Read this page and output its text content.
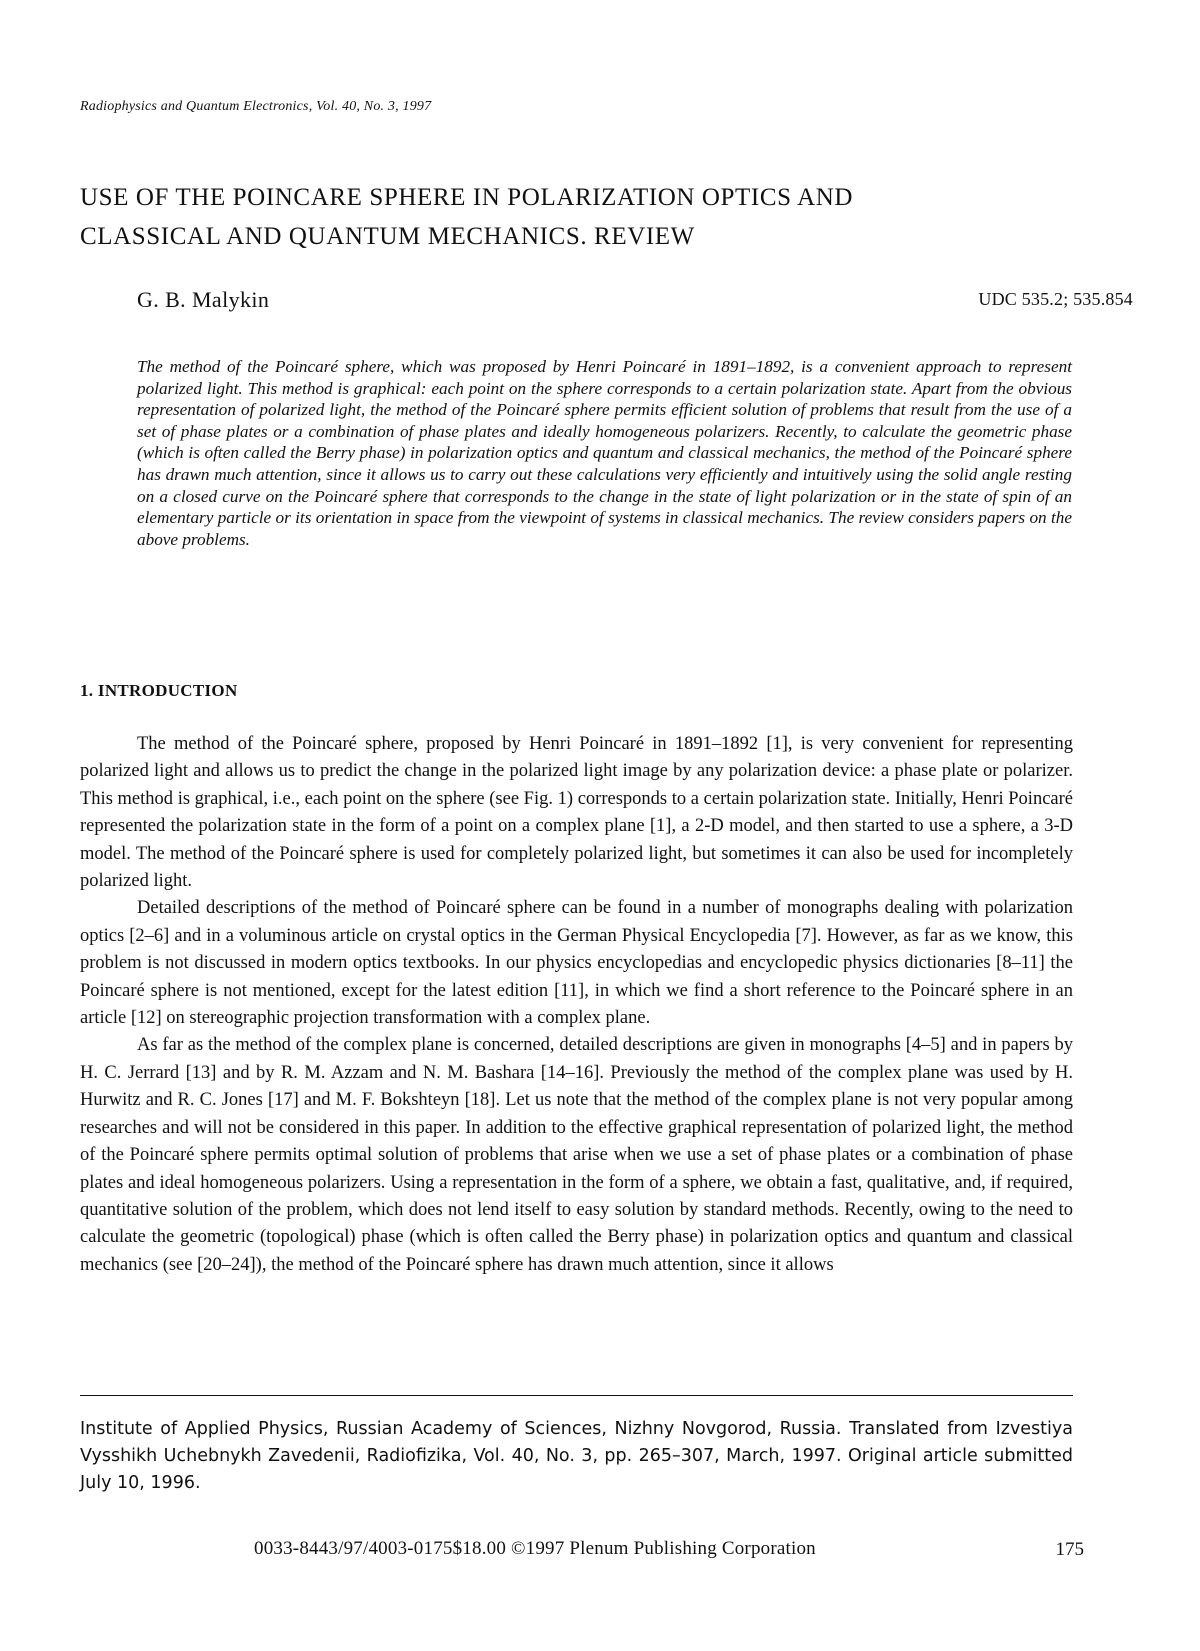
Radiophysics and Quantum Electronics, Vol. 40, No. 3, 1997
USE OF THE POINCARE SPHERE IN POLARIZATION OPTICS AND
CLASSICAL AND QUANTUM MECHANICS. REVIEW
G. B. Malykin	UDC 535.2; 535.854

The method of the Poincaré sphere, which was proposed by Henri Poincaré in 1891–1892, is a convenient approach to represent polarized light. This method is graphical: each point on the sphere corresponds to a certain polarization state. Apart from the obvious representation of polarized light, the method of the Poincaré sphere permits efficient solution of problems that result from the use of a set of phase plates or a combination of phase plates and ideally homogeneous polarizers. Recently, to calculate the geometric phase (which is often called the Berry phase) in polarization optics and quantum and classical mechanics, the method of the Poincaré sphere has drawn much attention, since it allows us to carry out these calculations very efficiently and intuitively using the solid angle resting on a closed curve on the Poincaré sphere that corresponds to the change in the state of light polarization or in the state of spin of an elementary particle or its orientation in space from the viewpoint of systems in classical mechanics. The review considers papers on the above problems.

1. INTRODUCTION

The method of the Poincaré sphere, proposed by Henri Poincaré in 1891–1892 [1], is very convenient for representing polarized light and allows us to predict the change in the polarized light image by any polarization device: a phase plate or polarizer. This method is graphical, i.e., each point on the sphere (see Fig. 1) corresponds to a certain polarization state. Initially, Henri Poincaré represented the polarization state in the form of a point on a complex plane [1], a 2-D model, and then started to use a sphere, a 3-D model. The method of the Poincaré sphere is used for completely polarized light, but sometimes it can also be used for incompletely polarized light.

Detailed descriptions of the method of Poincaré sphere can be found in a number of monographs dealing with polarization optics [2–6] and in a voluminous article on crystal optics in the German Physical Encyclopedia [7]. However, as far as we know, this problem is not discussed in modern optics textbooks. In our physics encyclopedias and encyclopedic physics dictionaries [8–11] the Poincaré sphere is not mentioned, except for the latest edition [11], in which we find a short reference to the Poincaré sphere in an article [12] on stereographic projection transformation with a complex plane.

As far as the method of the complex plane is concerned, detailed descriptions are given in monographs [4–5] and in papers by H. C. Jerrard [13] and by R. M. Azzam and N. M. Bashara [14–16]. Previously the method of the complex plane was used by H. Hurwitz and R. C. Jones [17] and M. F. Bokshteyn [18]. Let us note that the method of the complex plane is not very popular among researches and will not be considered in this paper. In addition to the effective graphical representation of polarized light, the method of the Poincaré sphere permits optimal solution of problems that arise when we use a set of phase plates or a combination of phase plates and ideal homogeneous polarizers. Using a representation in the form of a sphere, we obtain a fast, qualitative, and, if required, quantitative solution of the problem, which does not lend itself to easy solution by standard methods. Recently, owing to the need to calculate the geometric (topological) phase (which is often called the Berry phase) in polarization optics and quantum and classical mechanics (see [20–24]), the method of the Poincaré sphere has drawn much attention, since it allows

Institute of Applied Physics, Russian Academy of Sciences, Nizhny Novgorod, Russia. Translated from Izvestiya Vysshikh Uchebnykh Zavedenii, Radiofizika, Vol. 40, No. 3, pp. 265–307, March, 1997. Original article submitted July 10, 1996.

0033-8443/97/4003-0175$18.00 ©1997 Plenum Publishing Corporation	175
